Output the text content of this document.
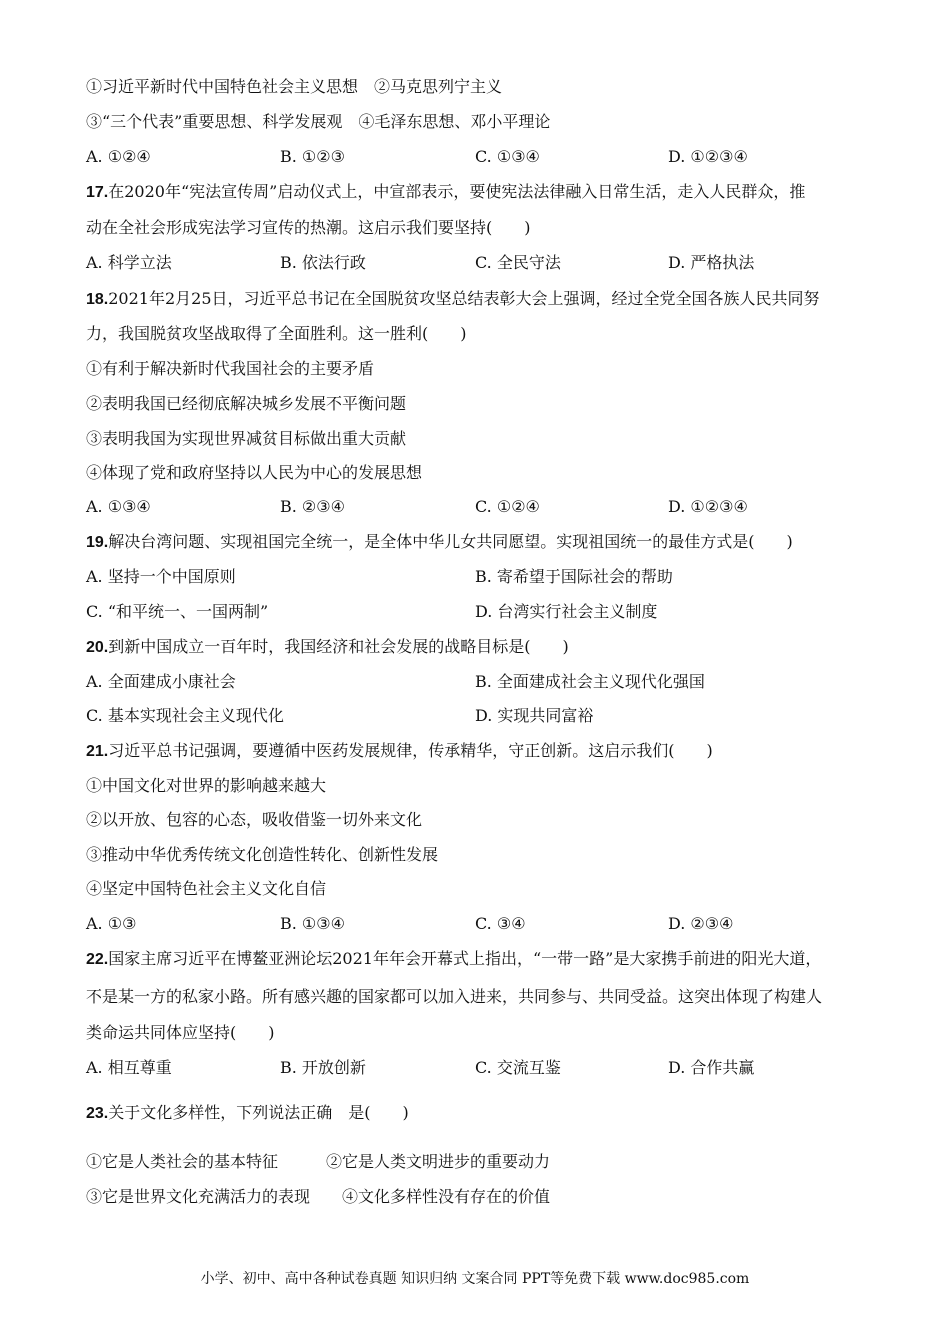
①习近平新时代中国特色社会主义思想　②马克思列宁主义
③“三个代表”重要思想、科学发展观　④毛泽东思想、邓小平理论
A. ①②④	B. ①②③	C. ①③④	D. ①②③④
17.在2020年“宪法宣传周”启动仪式上，中宣部表示，要使宪法法律融入日常生活，走入人民群众，推
动在全社会形成宪法学习宣传的热潮。这启示我们要坚持(　　)
A. 科学立法	B. 依法行政	C. 全民守法	D. 严格执法
18.2021年2月25日，习近平总书记在全国脱贫攻坚总结表彰大会上强调，经过全党全国各族人民共同努
力，我国脱贫攻坚战取得了全面胜利。这一胜利(　　)
①有利于解决新时代我国社会的主要矛盾
②表明我国已经彻底解决城乡发展不平衡问题
③表明我国为实现世界减贫目标做出重大贡献
④体现了党和政府坚持以人民为中心的发展思想
A. ①③④	B. ②③④	C. ①②④	D. ①②③④
19.解决台湾问题、实现祖国完全统一，是全体中华儿女共同愿望。实现祖国统一的最佳方式是(　　)
A. 坚持一个中国原则	B. 寄希望于国际社会的帮助
C. “和平统一、一国两制”	D. 台湾实行社会主义制度
20.到新中国成立一百年时，我国经济和社会发展的战略目标是(　　)
A. 全面建成小康社会	B. 全面建成社会主义现代化强国
C. 基本实现社会主义现代化	D. 实现共同富裕
21.习近平总书记强调，要遵循中医药发展规律，传承精华，守正创新。这启示我们(　　)
①中国文化对世界的影响越来越大
②以开放、包容的心态，吸收借鉴一切外来文化
③推动中华优秀传统文化创造性转化、创新性发展
④坚定中国特色社会主义文化自信
A. ①③	B. ①③④	C. ③④	D. ②③④
22.国家主席习近平在博鳌亚洲论坛2021年年会开幕式上指出，“一带一路”是大家携手前进的阳光大道，
不是某一方的私家小路。所有感兴趣的国家都可以加入进来，共同参与、共同受益。这突出体现了构建人
类命运共同体应坚持(　　)
A. 相互尊重	B. 开放创新	C. 交流互鉴	D. 合作共赢
23.关于文化多样性，下列说法正确　是(　　)
①它是人类社会的基本特征　　　②它是人类文明进步的重要动力
③它是世界文化充满活力的表现　　④文化多样性没有存在的价值
小学、初中、高中各种试卷真题 知识归纳 文案合同 PPT等免费下载 www.doc985.com
